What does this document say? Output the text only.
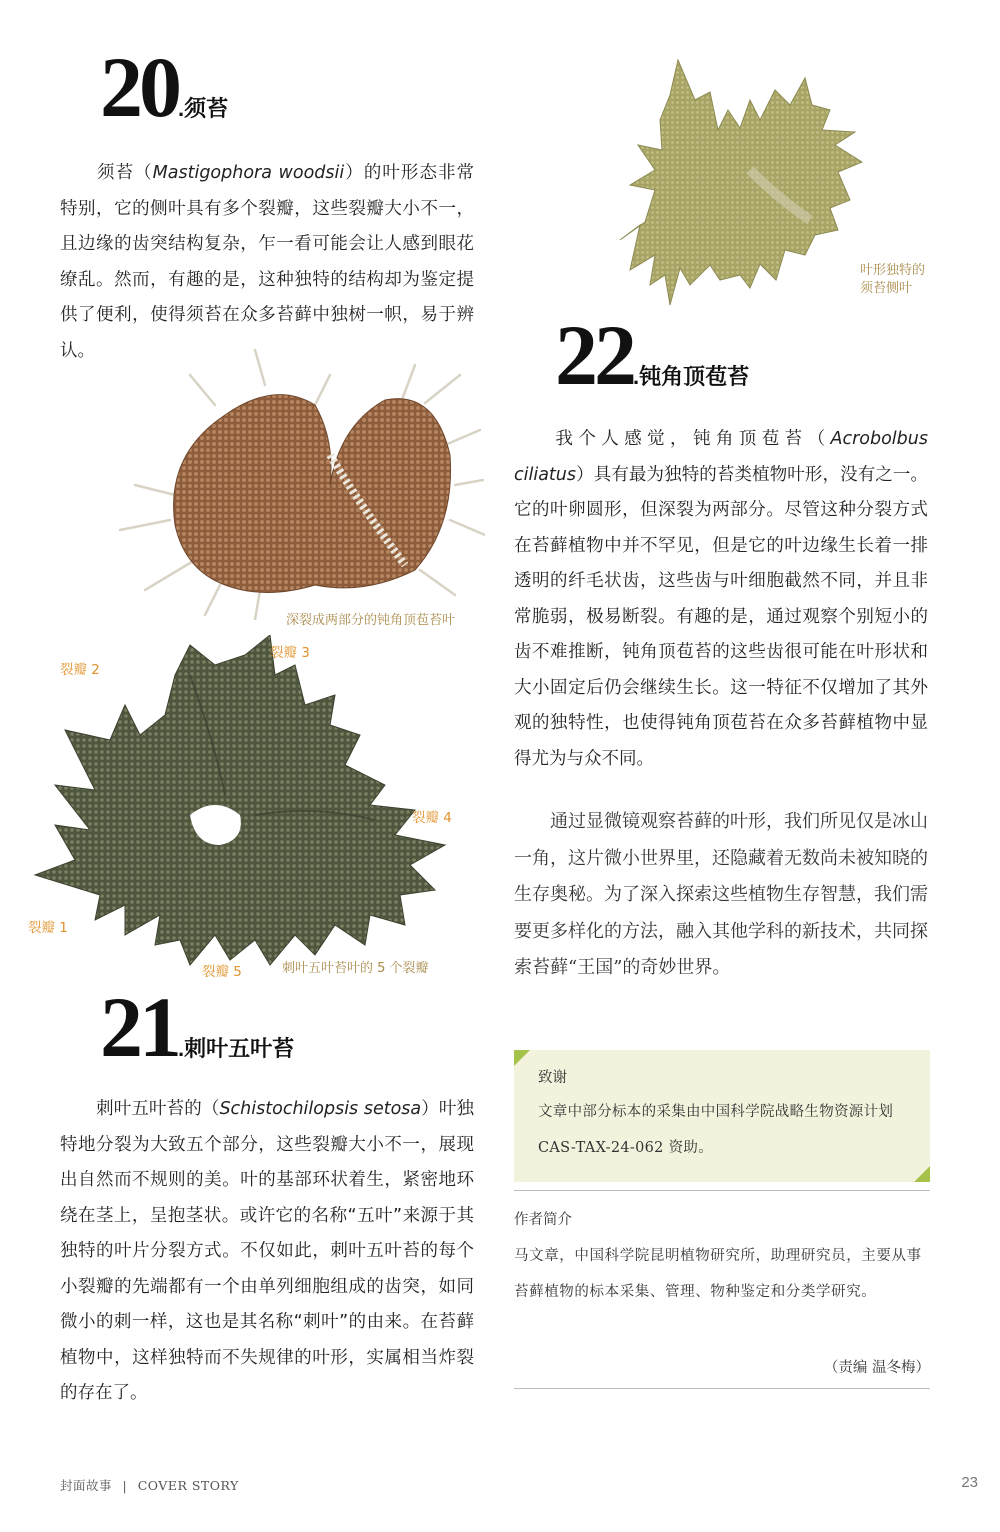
20.须苔
须苔（Mastigophora woodsii）的叶形态非常特别，它的侧叶具有多个裂瓣，这些裂瓣大小不一，且边缘的齿突结构复杂，乍一看可能会让人感到眼花缭乱。然而，有趣的是，这种独特的结构却为鉴定提供了便利，使得须苔在众多苔藓中独树一帜，易于辨认。
叶形独特的
须苔侧叶
深裂成两部分的钝角顶苞苔叶
裂瓣 2
裂瓣 3
裂瓣 4
裂瓣 1
裂瓣 5	刺叶五叶苔叶的 5 个裂瓣
21.刺叶五叶苔
刺叶五叶苔的（Schistochilopsis setosa）叶独特地分裂为大致五个部分，这些裂瓣大小不一，展现出自然而不规则的美。叶的基部环状着生，紧密地环绕在茎上，呈抱茎状。或许它的名称“五叶”来源于其独特的叶片分裂方式。不仅如此，刺叶五叶苔的每个小裂瓣的先端都有一个由单列细胞组成的齿突，如同微小的刺一样，这也是其名称“刺叶”的由来。在苔藓植物中，这样独特而不失规律的叶形，实属相当炸裂的存在了。
22.钝角顶苞苔
我个人感觉，钝角顶苞苔（Acrobolbus ciliatus）具有最为独特的苔类植物叶形，没有之一。它的叶卵圆形，但深裂为两部分。尽管这种分裂方式在苔藓植物中并不罕见，但是它的叶边缘生长着一排透明的纤毛状齿，这些齿与叶细胞截然不同，并且非常脆弱，极易断裂。有趣的是，通过观察个别短小的齿不难推断，钝角顶苞苔的这些齿很可能在叶形状和大小固定后仍会继续生长。这一特征不仅增加了其外观的独特性，也使得钝角顶苞苔在众多苔藓植物中显得尤为与众不同。
通过显微镜观察苔藓的叶形，我们所见仅是冰山一角，这片微小世界里，还隐藏着无数尚未被知晓的生存奥秘。为了深入探索这些植物生存智慧，我们需要更多样化的方法，融入其他学科的新技术，共同探索苔藓“王国”的奇妙世界。
致谢
文章中部分标本的采集由中国科学院战略生物资源计划 CAS-TAX-24-062 资助。
作者简介
马文章，中国科学院昆明植物研究所，助理研究员，主要从事苔藓植物的标本采集、管理、物种鉴定和分类学研究。
（责编 温冬梅）
封面故事 | COVER STORY	23
